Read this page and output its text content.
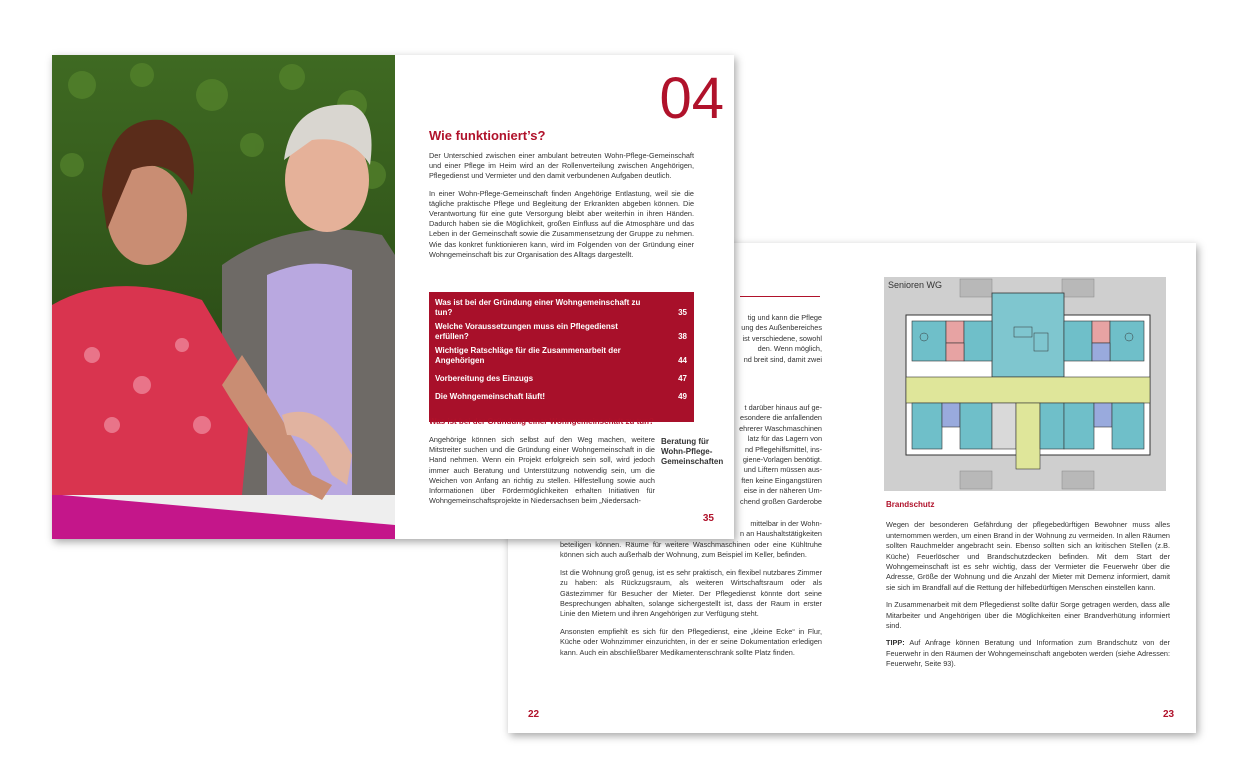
tig und kann die Pflege
ung des Außenbereiches
ist verschiedene, sowohl
den. Wenn möglich,
nd breit sind, damit zwei
t darüber hinaus auf ge-
esondere die anfallenden
ehrerer Waschmaschinen
latz für das Lagern von
nd Pflegehilfsmittel, ins-
giene-Vorlagen benötigt.
und Liftern müssen aus-
ften keine Eingangstüren
eise in der näheren Um-
chend großen Garderobe
mittelbar in der Wohn-
n an Haushaltstätigkeiten

beteiligen können. Räume für weitere Waschmaschinen oder eine Kühltruhe können sich auch außerhalb der Wohnung, zum Beispiel im Keller, befinden.

Ist die Wohnung groß genug, ist es sehr praktisch, ein flexibel nutzbares Zimmer zu haben: als Rückzugsraum, als weiteren Wirtschaftsraum oder als Gästezimmer für Besucher der Mieter. Der Pflegedienst könnte dort seine Besprechungen abhalten, solange sichergestellt ist, dass der Raum in erster Linie den Mietern und ihren Angehörigen zur Verfügung steht.

Ansonsten empfiehlt es sich für den Pflegedienst, eine „kleine Ecke“ in Flur, Küche oder Wohnzimmer einzurichten, in der er seine Dokumentation erledigen kann. Auch ein abschließbarer Medikamentenschrank sollte Platz finden.

22
Senioren WG
Brandschutz

Wegen der besonderen Gefährdung der pflegebedürftigen Bewohner muss alles unternommen werden, um einen Brand in der Wohnung zu vermeiden. In allen Räumen sollten Rauchmelder angebracht sein. Ebenso sollten sich an kritischen Stellen (z.B. Küche) Feuerlöscher und Brandschutzdecken befinden. Mit dem Start der Wohngemeinschaft ist es sehr wichtig, dass der Vermieter die Feuerwehr über die Adresse, Größe der Wohnung und die Anzahl der Mieter mit Demenz informiert, damit sie sich im Brandfall auf die Rettung der hilfebedürftigen Menschen einstellen kann.

In Zusammenarbeit mit dem Pflegedienst sollte dafür Sorge getragen werden, dass alle Mitarbeiter und Angehörigen über die Möglichkeiten einer Brandverhütung informiert sind.

TIPP: Auf Anfrage können Beratung und Information zum Brandschutz von der Feuerwehr in den Räumen der Wohngemeinschaft angeboten werden (siehe Adressen: Feuerwehr, Seite 93).

23
04
Wie funktioniert’s?

Der Unterschied zwischen einer ambulant betreuten Wohn-Pflege-Gemeinschaft und einer Pflege im Heim wird an der Rollenverteilung zwischen Angehörigen, Pflegedienst und Vermieter und den damit verbundenen Aufgaben deutlich.

In einer Wohn-Pflege-Gemeinschaft finden Angehörige Entlastung, weil sie die tägliche praktische Pflege und Begleitung der Erkrankten abgeben können. Die Verantwortung für eine gute Versorgung bleibt aber weiterhin in ihren Händen. Dadurch haben sie die Möglichkeit, großen Einfluss auf die Atmosphäre und das Leben in der Gemeinschaft sowie die Zusammensetzung der Gruppe zu nehmen. Wie das konkret funktionieren kann, wird im Folgenden von der Gründung einer Wohngemeinschaft bis zur Organisation des Alltags dargestellt.

Was ist bei der Gründung einer Wohngemeinschaft zu tun?	35
Welche Voraussetzungen muss ein Pflegedienst erfüllen?	38
Wichtige Ratschläge für die Zusammenarbeit der Angehörigen	44
Vorbereitung des Einzugs	47
Die Wohngemeinschaft läuft!	49
Was ist bei der Gründung einer Wohngemeinschaft zu tun?

Angehörige können sich selbst auf den Weg machen, weitere Mitstreiter suchen und die Gründung einer Wohngemeinschaft in die Hand nehmen. Wenn ein Projekt erfolgreich sein soll, wird jedoch immer auch Beratung und Unterstützung notwendig sein, um die Weichen von Anfang an richtig zu stellen. Hilfestellung sowie auch Informationen über Fördermöglichkeiten erhalten Initiativen für Wohngemeinschaftsprojekte in Niedersachsen beim „Niedersach-

Beratung für Wohn-Pflege-Gemeinschaften
35
